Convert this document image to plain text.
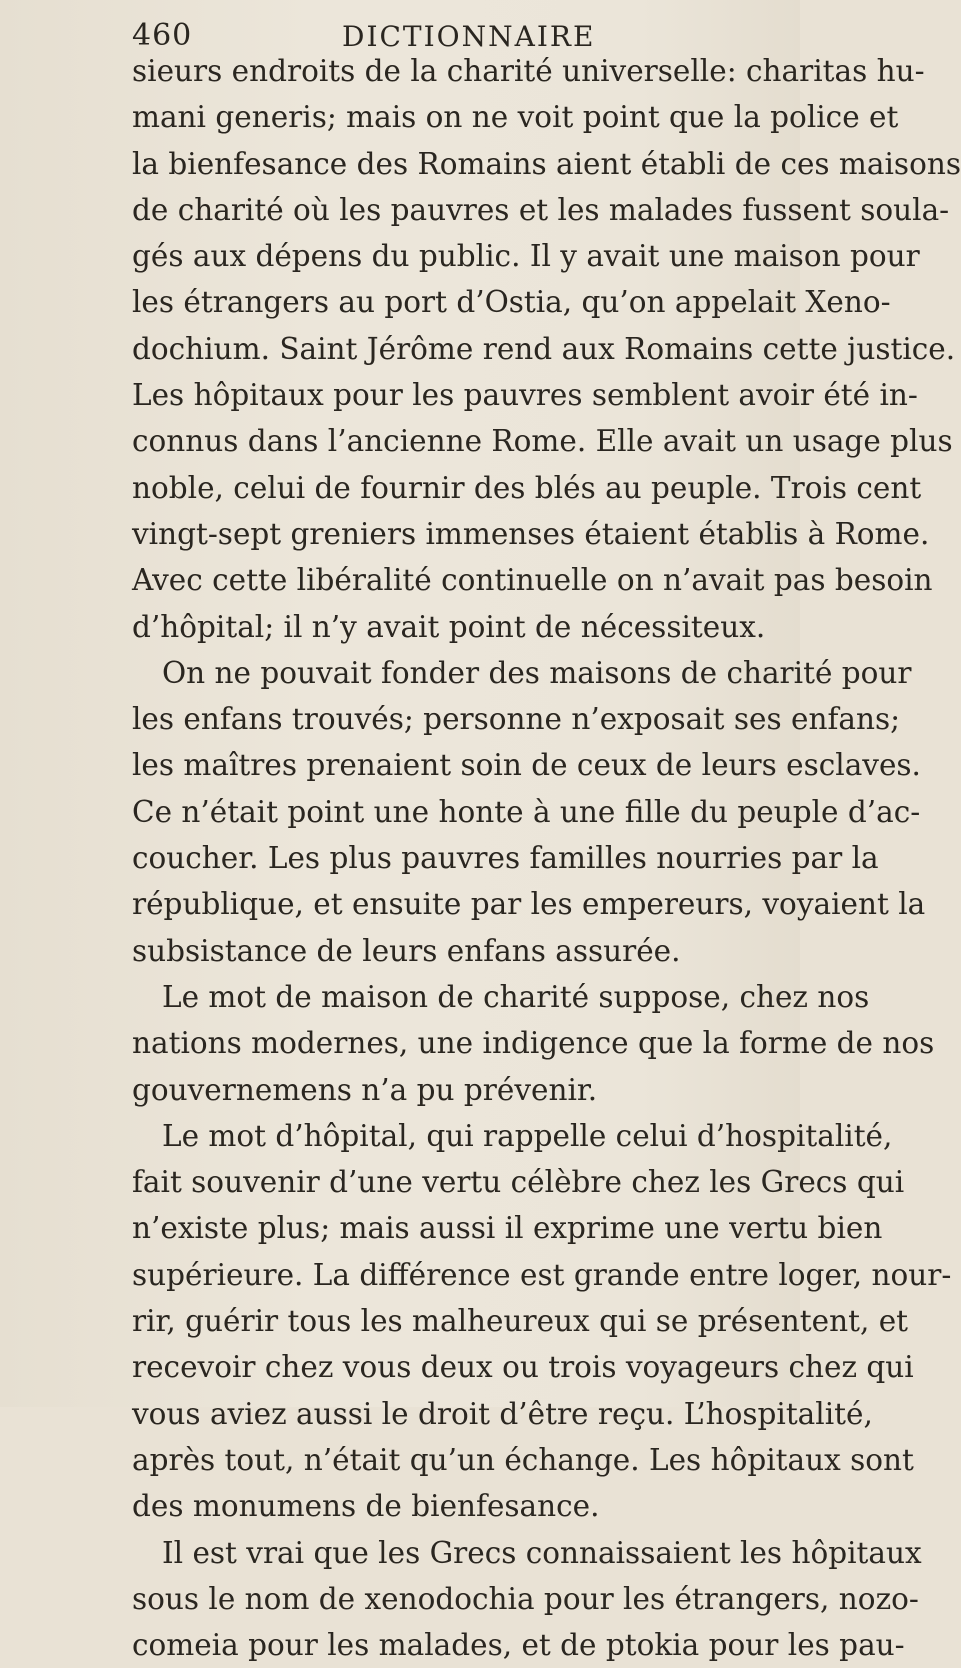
460	DICTIONNAIRE
sieurs endroits de la charité universelle: charitas hu-
mani generis; mais on ne voit point que la police et
la bienfesance des Romains aient établi de ces maisons
de charité où les pauvres et les malades fussent soula-
gés aux dépens du public. Il y avait une maison pour
les étrangers au port d’Ostia, qu’on appelait Xeno-
dochium. Saint Jérôme rend aux Romains cette justice.
Les hôpitaux pour les pauvres semblent avoir été in-
connus dans l’ancienne Rome. Elle avait un usage plus
noble, celui de fournir des blés au peuple. Trois cent
vingt-sept greniers immenses étaient établis à Rome.
Avec cette libéralité continuelle on n’avait pas besoin
d’hôpital; il n’y avait point de nécessiteux.
On ne pouvait fonder des maisons de charité pour
les enfans trouvés; personne n’exposait ses enfans;
les maîtres prenaient soin de ceux de leurs esclaves.
Ce n’était point une honte à une fille du peuple d’ac-
coucher. Les plus pauvres familles nourries par la
république, et ensuite par les empereurs, voyaient la
subsistance de leurs enfans assurée.
Le mot de maison de charité suppose, chez nos
nations modernes, une indigence que la forme de nos
gouvernemens n’a pu prévenir.
Le mot d’hôpital, qui rappelle celui d’hospitalité,
fait souvenir d’une vertu célèbre chez les Grecs qui
n’existe plus; mais aussi il exprime une vertu bien
supérieure. La différence est grande entre loger, nour-
rir, guérir tous les malheureux qui se présentent, et
recevoir chez vous deux ou trois voyageurs chez qui
vous aviez aussi le droit d’être reçu. L’hospitalité,
après tout, n’était qu’un échange. Les hôpitaux sont
des monumens de bienfesance.
Il est vrai que les Grecs connaissaient les hôpitaux
sous le nom de xenodochia pour les étrangers, nozo-
comeia pour les malades, et de ptokia pour les pau-
